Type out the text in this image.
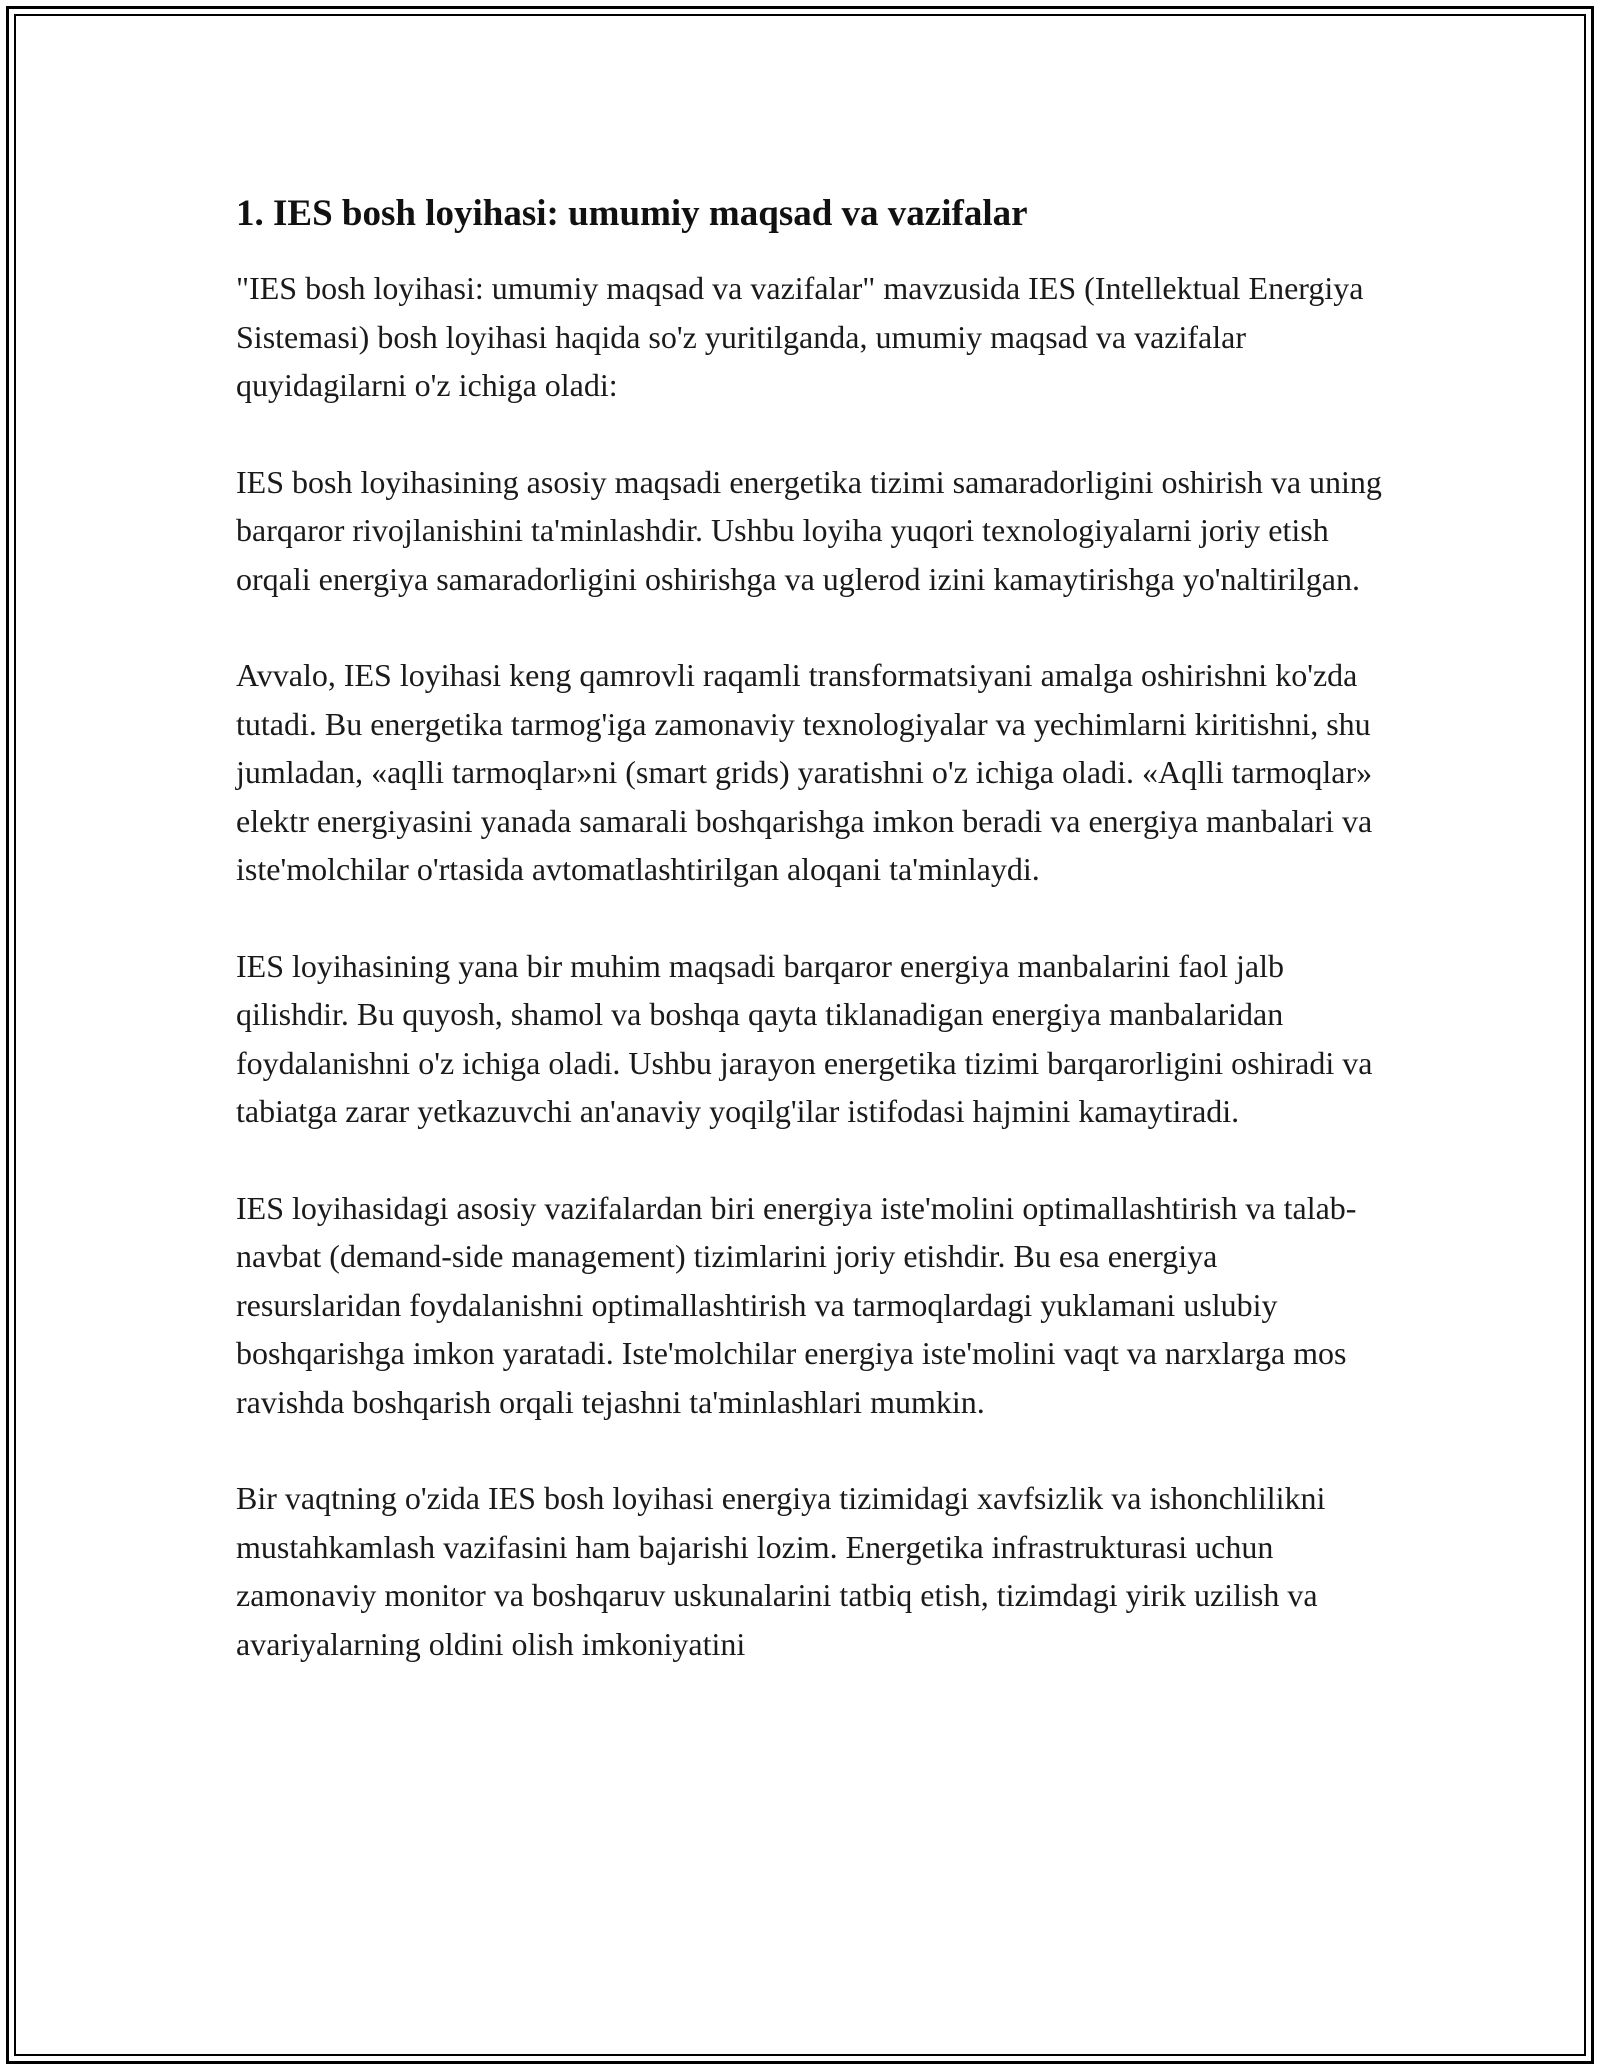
1. IES bosh loyihasi: umumiy maqsad va vazifalar

"IES bosh loyihasi: umumiy maqsad va vazifalar" mavzusida IES (Intellektual Energiya Sistemasi) bosh loyihasi haqida so'z yuritilganda, umumiy maqsad va vazifalar quyidagilarni o'z ichiga oladi:

IES bosh loyihasining asosiy maqsadi energetika tizimi samaradorligini oshirish va uning barqaror rivojlanishini ta'minlashdir. Ushbu loyiha yuqori texnologiyalarni joriy etish orqali energiya samaradorligini oshirishga va uglerod izini kamaytirishga yo'naltirilgan.

Avvalo, IES loyihasi keng qamrovli raqamli transformatsiyani amalga oshirishni ko'zda tutadi. Bu energetika tarmog'iga zamonaviy texnologiyalar va yechimlarni kiritishni, shu jumladan, «aqlli tarmoqlar»ni (smart grids) yaratishni o'z ichiga oladi. «Aqlli tarmoqlar» elektr energiyasini yanada samarali boshqarishga imkon beradi va energiya manbalari va iste'molchilar o'rtasida avtomatlashtirilgan aloqani ta'minlaydi.

IES loyihasining yana bir muhim maqsadi barqaror energiya manbalarini faol jalb qilishdir. Bu quyosh, shamol va boshqa qayta tiklanadigan energiya manbalaridan foydalanishni o'z ichiga oladi. Ushbu jarayon energetika tizimi barqarorligini oshiradi va tabiatga zarar yetkazuvchi an'anaviy yoqilg'ilar istifodasi hajmini kamaytiradi.

IES loyihasidagi asosiy vazifalardan biri energiya iste'molini optimallashtirish va talab-navbat (demand-side management) tizimlarini joriy etishdir. Bu esa energiya resurslaridan foydalanishni optimallashtirish va tarmoqlardagi yuklamani uslubiy boshqarishga imkon yaratadi. Iste'molchilar energiya iste'molini vaqt va narxlarga mos ravishda boshqarish orqali tejashni ta'minlashlari mumkin.

Bir vaqtning o'zida IES bosh loyihasi energiya tizimidagi xavfsizlik va ishonchlilikni mustahkamlash vazifasini ham bajarishi lozim. Energetika infrastrukturasi uchun zamonaviy monitor va boshqaruv uskunalarini tatbiq etish, tizimdagi yirik uzilish va avariyalarning oldini olish imkoniyatini
